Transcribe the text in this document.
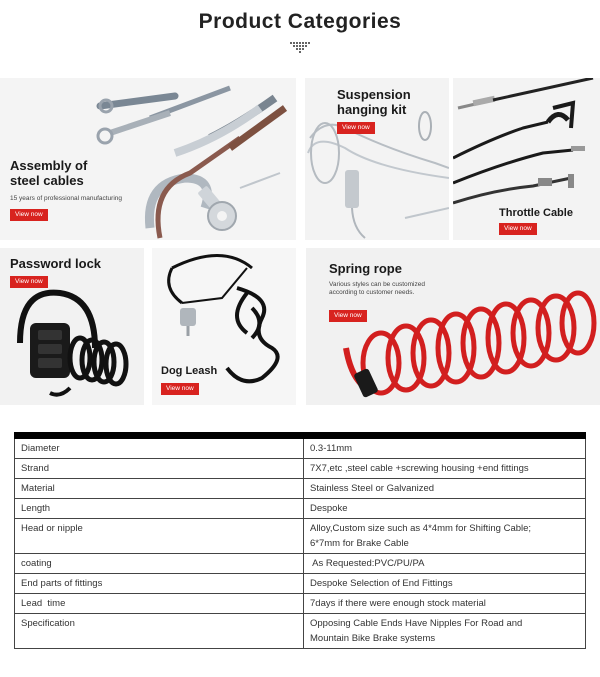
Product Categories
Assembly of
steel cables
15 years of professional manufacturing
View now
Suspension
hanging kit
View now
Throttle Cable
View now
Password lock
View now
Dog Leash
View now
Spring rope
Various styles can be customized
according to customer needs.
View now

Diameter	0.3-11mm
Strand	7X7,etc ,steel cable +screwing housing +end fittings
Material	Stainless Steel or Galvanized
Length	Despoke
Head or nipple	Alloy,Custom size such as 4*4mm for Shifting Cable;
6*7mm for Brake Cable
coating	As Requested:PVC/PU/PA
End parts of fittings	Despoke Selection of End Fittings
Lead  time	7days if there were enough stock material
Specification	Opposing Cable Ends Have Nipples For Road and
Mountain Bike Brake systems
